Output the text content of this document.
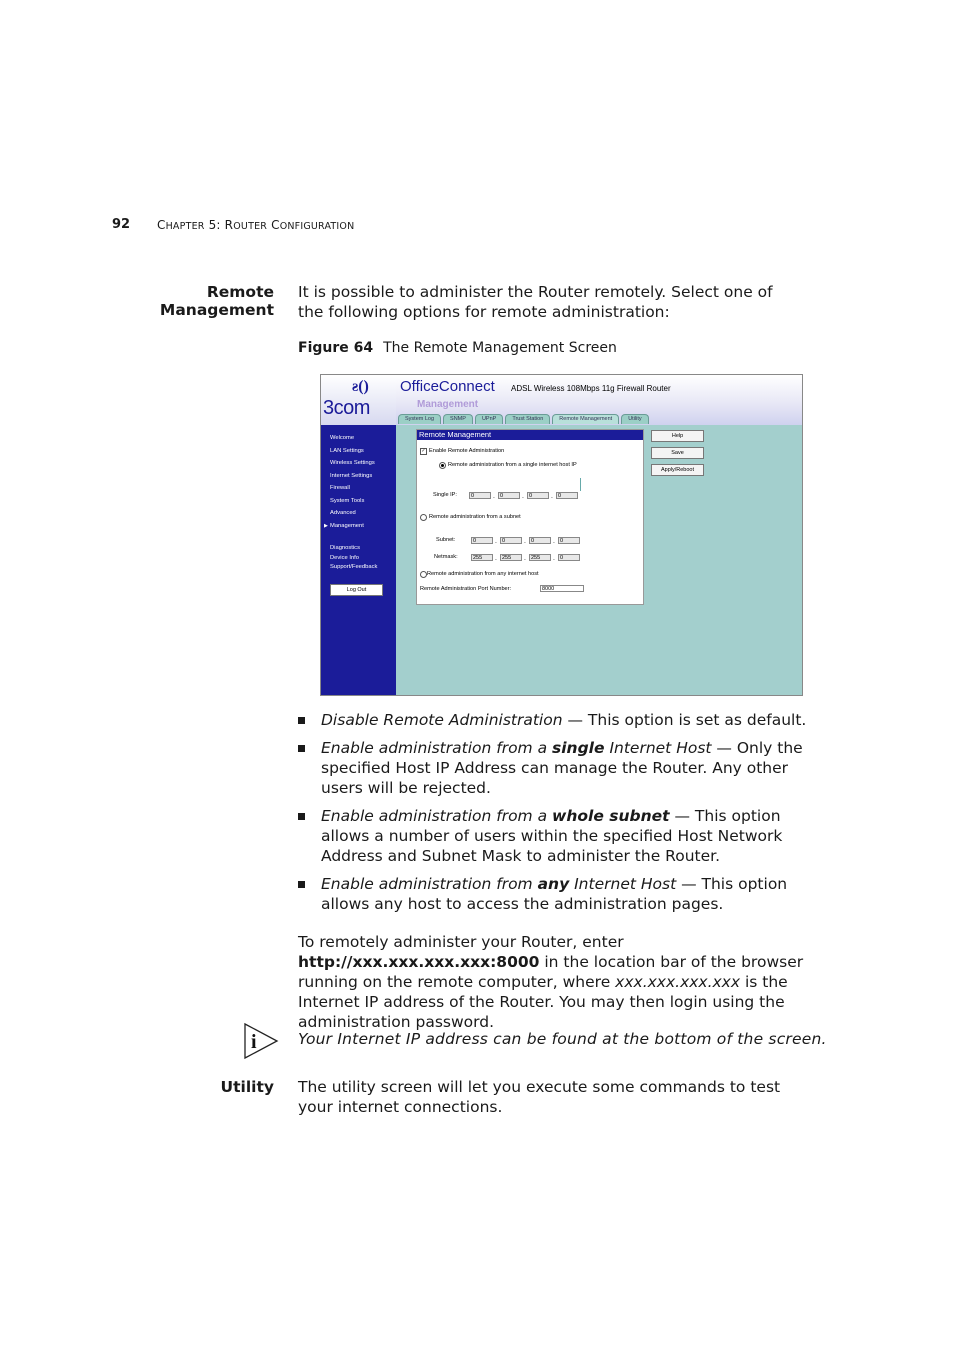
92 CHAPTER 5: ROUTER CONFIGURATION
Remote Management
It is possible to administer the Router remotely. Select one of the following options for remote administration:
Figure 64 The Remote Management Screen
ƨ()
3com
OfficeConnect ADSL Wireless 108Mbps 11g Firewall Router
Management
System Log	SNMP	UPnP	Trust Station	Remote Management	Utility
Welcome
LAN Settings
Wireless Settings
Internet Settings
Firewall
System Tools
Advanced
▶ Management
Diagnostics
Device Info
Support/Feedback
Log Out
Remote Management
✓ Enable Remote Administration
Remote administration from a single internet host IP
Single IP:	0	. 0	. 0	. 0
Remote administration from a subnet
Subnet:	0	. 0	. 0	. 0
Netmask:	255	. 255	. 255	. 0
Remote administration from any internet host
Remote Administration Port Number:	8000
Help
Save
Apply/Reboot
Disable Remote Administration — This option is set as default.
Enable administration from a single Internet Host — Only the specified Host IP Address can manage the Router. Any other users will be rejected.
Enable administration from a whole subnet — This option allows a number of users within the specified Host Network Address and Subnet Mask to administer the Router.
Enable administration from any Internet Host — This option allows any host to access the administration pages.
To remotely administer your Router, enter http://xxx.xxx.xxx.xxx:8000 in the location bar of the browser running on the remote computer, where xxx.xxx.xxx.xxx is the Internet IP address of the Router. You may then login using the administration password.
i	Your Internet IP address can be found at the bottom of the screen.
Utility The utility screen will let you execute some commands to test your internet connections.
